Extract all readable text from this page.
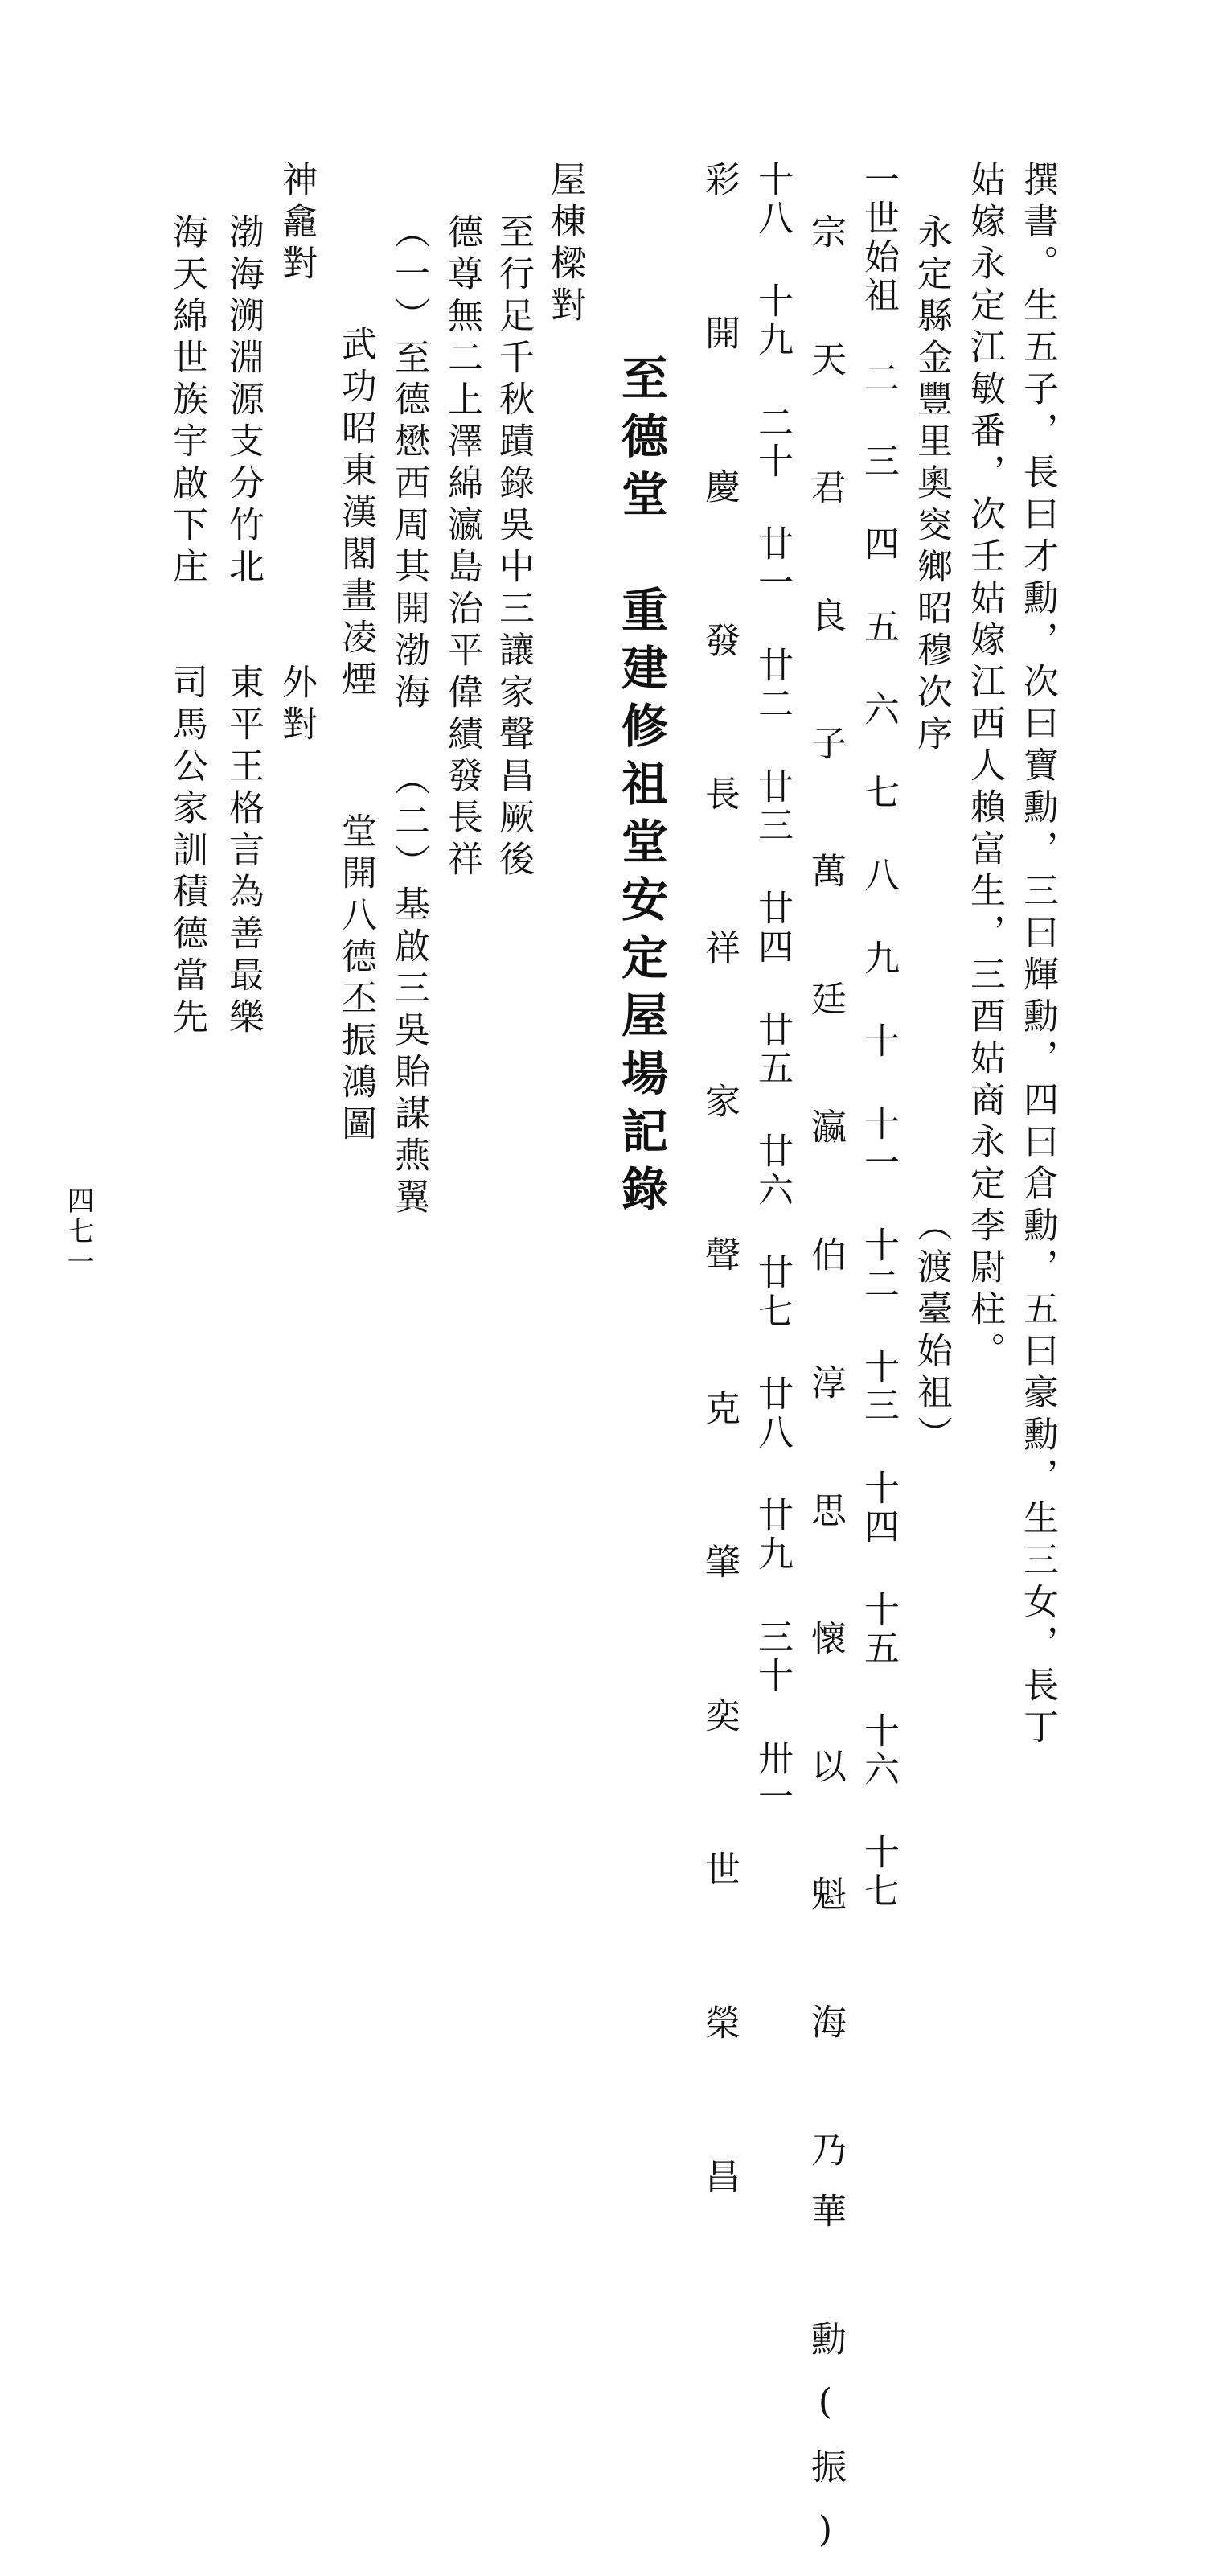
撰書。生五子，長曰才勳，次曰寶勳，三曰輝勳，四曰倉勳，五曰豪勳，生三女，長丁
姑嫁永定江敏番，次壬姑嫁江西人賴富生，三酉姑商永定李尉柱。
永定縣金豐里奧窔鄉昭穆次序
（渡臺始祖）
一世始祖 二 三 四 五 六 七 八 九 十 十一 十二 十三 十四 十五 十六 十七
宗 天 君 良 子 萬 廷 瀛 伯 淳 思 懷 以 魁 海 乃華 勳(振)
十八 十九 二十 廿一 廿二 廿三 廿四 廿五 廿六 廿七 廿八 廿九 三十 卅一
彩 開 慶 發 長 祥 家 聲 克 肇 奕 世 榮 昌
至德堂　重建修祖堂安定屋場記錄
屋棟樑對
至行足千秋蹟錄吳中三讓家聲昌厥後
德尊無二上澤綿瀛島治平偉績發長祥
（一）至德懋西周其開渤海
（二）基啟三吳貽謀燕翼
武功昭東漢閣畫凌煙
堂開八德丕振鴻圖
神龕對
外對
渤海溯淵源支分竹北
東平王格言為善最樂
海天綿世族宇啟下庄
司馬公家訓積德當先
四七一
